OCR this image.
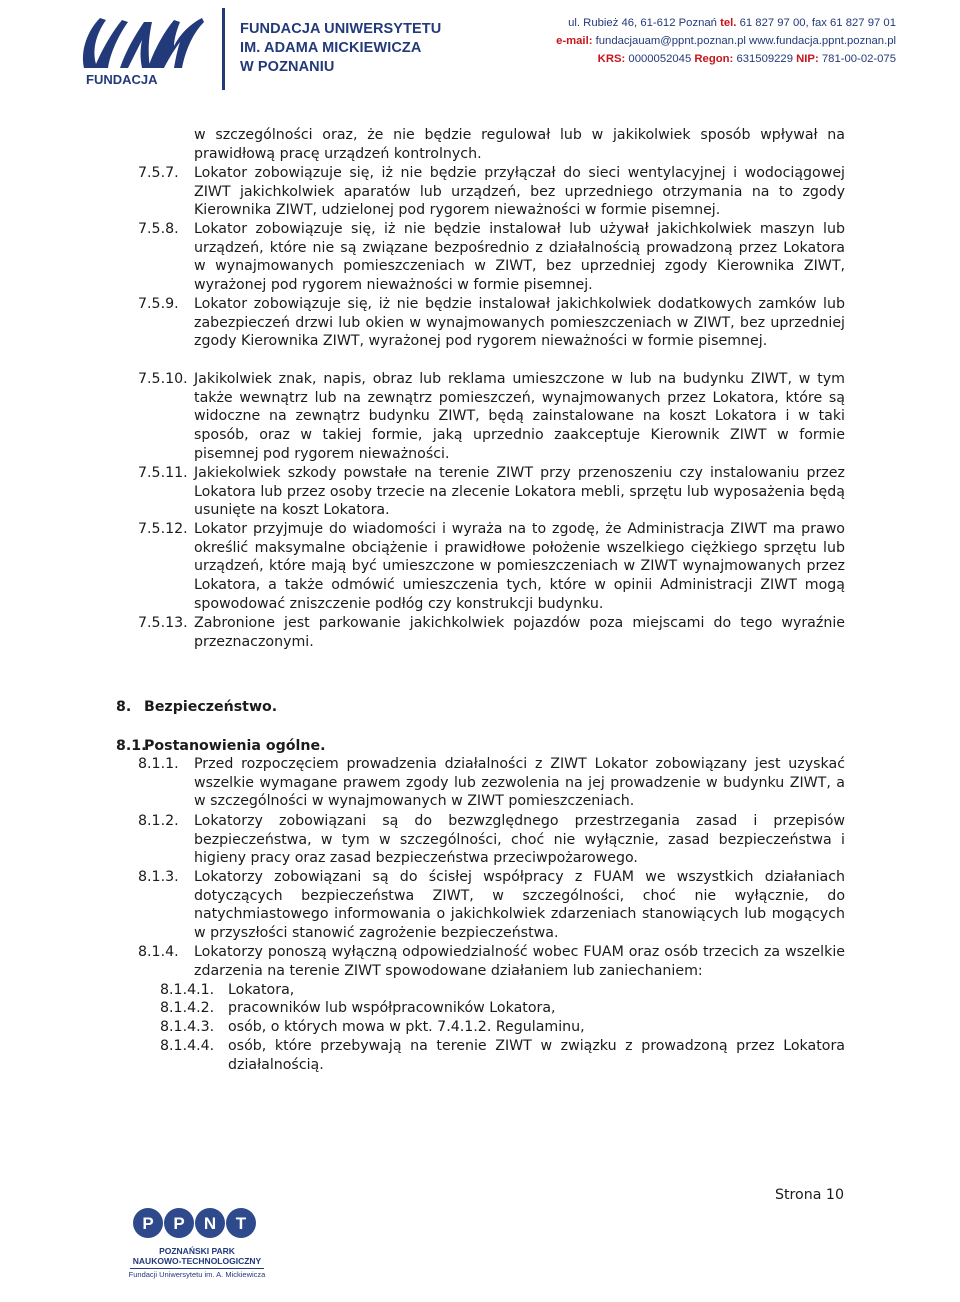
FUNDACJA
FUNDACJA UNIWERSYTETU
IM. ADAMA MICKIEWICZA
W POZNANIU
ul. Rubież 46, 61-612 Poznań tel. 61 827 97 00, fax 61 827 97 01
e-mail: fundacjauam@ppnt.poznan.pl www.fundacja.ppnt.poznan.pl
KRS: 0000052045 Regon: 631509229 NIP: 781-00-02-075
w szczególności oraz, że nie będzie regulował lub w jakikolwiek sposób wpływał na prawidłową pracę urządzeń kontrolnych.
7.5.7. Lokator zobowiązuje się, iż nie będzie przyłączał do sieci wentylacyjnej i wodociągowej ZIWT jakichkolwiek aparatów lub urządzeń, bez uprzedniego otrzymania na to zgody Kierownika ZIWT, udzielonej pod rygorem nieważności w formie pisemnej.
7.5.8. Lokator zobowiązuje się, iż nie będzie instalował lub używał jakichkolwiek maszyn lub urządzeń, które nie są związane bezpośrednio z działalnością prowadzoną przez Lokatora w wynajmowanych pomieszczeniach w ZIWT, bez uprzedniej zgody Kierownika ZIWT, wyrażonej pod rygorem nieważności w formie pisemnej.
7.5.9. Lokator zobowiązuje się, iż nie będzie instalował jakichkolwiek dodatkowych zamków lub zabezpieczeń drzwi lub okien w wynajmowanych pomieszczeniach w ZIWT, bez uprzedniej zgody Kierownika ZIWT, wyrażonej pod rygorem nieważności w formie pisemnej.
7.5.10. Jakikolwiek znak, napis, obraz lub reklama umieszczone w lub na budynku ZIWT, w tym także wewnątrz lub na zewnątrz pomieszczeń, wynajmowanych przez Lokatora, które są widoczne na zewnątrz budynku ZIWT, będą zainstalowane na koszt Lokatora i w taki sposób, oraz w takiej formie, jaką uprzednio zaakceptuje Kierownik ZIWT w formie pisemnej pod rygorem nieważności.
7.5.11. Jakiekolwiek szkody powstałe na terenie ZIWT przy przenoszeniu czy instalowaniu przez Lokatora lub przez osoby trzecie na zlecenie Lokatora mebli, sprzętu lub wyposażenia będą usunięte na koszt Lokatora.
7.5.12. Lokator przyjmuje do wiadomości i wyraża na to zgodę, że Administracja ZIWT ma prawo określić maksymalne obciążenie i prawidłowe położenie wszelkiego ciężkiego sprzętu lub urządzeń, które mają być umieszczone w pomieszczeniach w ZIWT wynajmowanych przez Lokatora, a także odmówić umieszczenia tych, które w opinii Administracji ZIWT mogą spowodować zniszczenie podłóg czy konstrukcji budynku.
7.5.13. Zabronione jest parkowanie jakichkolwiek pojazdów poza miejscami do tego wyraźnie przeznaczonymi.
8. Bezpieczeństwo.
8.1.
Postanowienia ogólne.
8.1.1. Przed rozpoczęciem prowadzenia działalności z ZIWT Lokator zobowiązany jest uzyskać wszelkie wymagane prawem zgody lub zezwolenia na jej prowadzenie w budynku ZIWT, a w szczególności w wynajmowanych w ZIWT pomieszczeniach.
8.1.2. Lokatorzy zobowiązani są do bezwzględnego przestrzegania zasad i przepisów bezpieczeństwa, w tym w szczególności, choć nie wyłącznie, zasad bezpieczeństwa i higieny pracy oraz zasad bezpieczeństwa przeciwpożarowego.
8.1.3. Lokatorzy zobowiązani są do ścisłej współpracy z FUAM we wszystkich działaniach dotyczących bezpieczeństwa ZIWT, w szczególności, choć nie wyłącznie, do natychmiastowego informowania o jakichkolwiek zdarzeniach stanowiących lub mogących w przyszłości stanowić zagrożenie bezpieczeństwa.
8.1.4. Lokatorzy ponoszą wyłączną odpowiedzialność wobec FUAM oraz osób trzecich za wszelkie zdarzenia na terenie ZIWT spowodowane działaniem lub zaniechaniem:
8.1.4.1. Lokatora,
8.1.4.2. pracowników lub współpracowników Lokatora,
8.1.4.3. osób, o których mowa w pkt. 7.4.1.2. Regulaminu,
8.1.4.4. osób, które przebywają na terenie ZIWT w związku z prowadzoną przez Lokatora działalnością.
Strona 10
P P N T
POZNAŃSKI PARK
NAUKOWO-TECHNOLOGICZNY
Fundacji Uniwersytetu im. A. Mickiewicza
